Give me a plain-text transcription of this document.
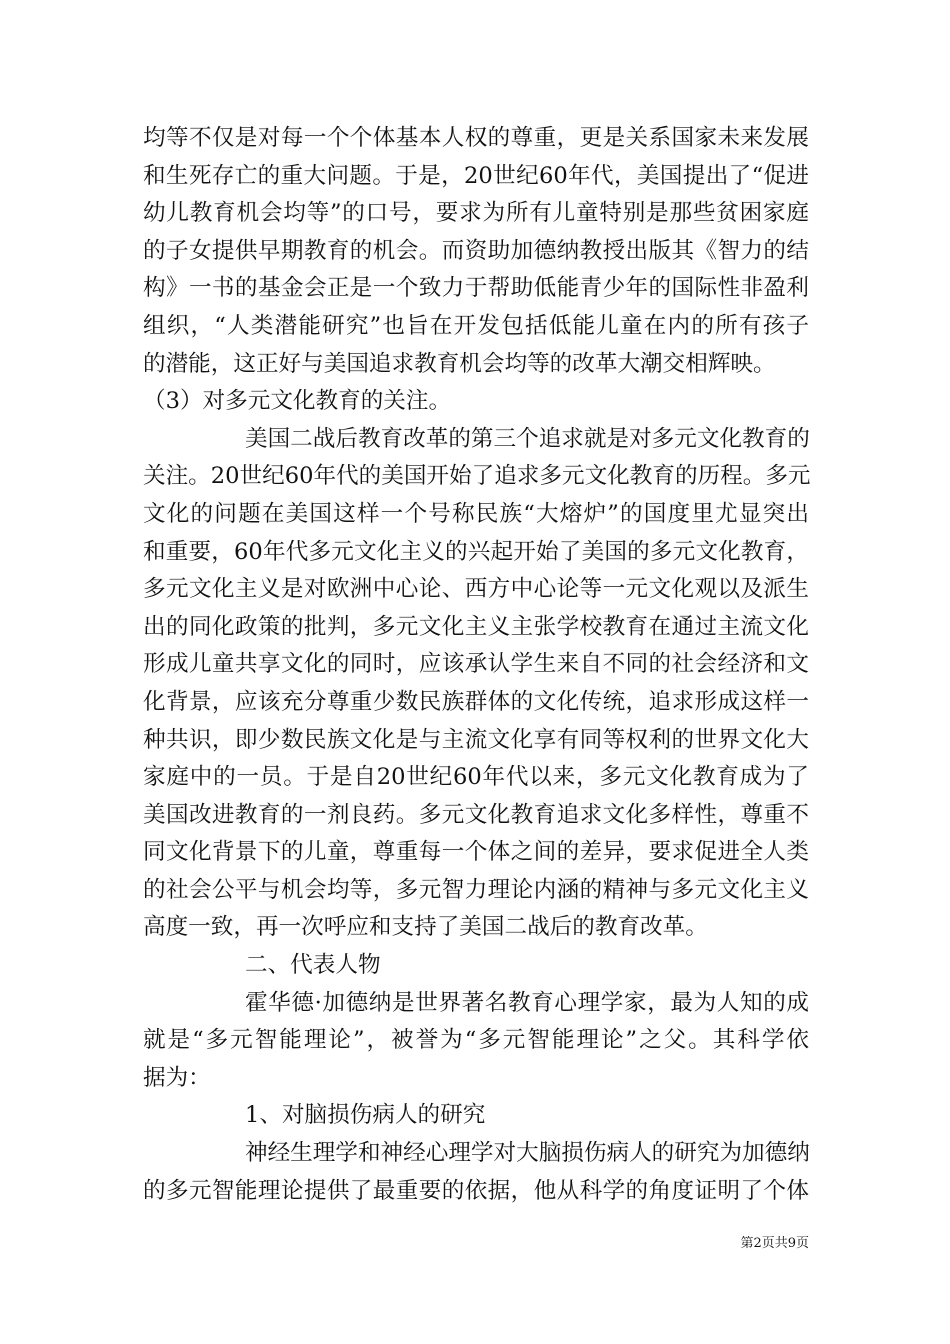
均等不仅是对每一个个体基本人权的尊重，更是关系国家未来发展
和生死存亡的重大问题。于是，20世纪60年代，美国提出了“促进
幼儿教育机会均等”的口号，要求为所有儿童特别是那些贫困家庭
的子女提供早期教育的机会。而资助加德纳教授出版其《智力的结
构》一书的基金会正是一个致力于帮助低能青少年的国际性非盈利
组织，“人类潜能研究”也旨在开发包括低能儿童在内的所有孩子
的潜能，这正好与美国追求教育机会均等的改革大潮交相辉映。
（3）对多元文化教育的关注。
美国二战后教育改革的第三个追求就是对多元文化教育的
关注。20世纪60年代的美国开始了追求多元文化教育的历程。多元
文化的问题在美国这样一个号称民族“大熔炉”的国度里尤显突出
和重要，60年代多元文化主义的兴起开始了美国的多元文化教育，
多元文化主义是对欧洲中心论、西方中心论等一元文化观以及派生
出的同化政策的批判，多元文化主义主张学校教育在通过主流文化
形成儿童共享文化的同时，应该承认学生来自不同的社会经济和文
化背景，应该充分尊重少数民族群体的文化传统，追求形成这样一
种共识，即少数民族文化是与主流文化享有同等权利的世界文化大
家庭中的一员。于是自20世纪60年代以来，多元文化教育成为了
美国改进教育的一剂良药。多元文化教育追求文化多样性，尊重不
同文化背景下的儿童，尊重每一个体之间的差异，要求促进全人类
的社会公平与机会均等，多元智力理论内涵的精神与多元文化主义
高度一致，再一次呼应和支持了美国二战后的教育改革。
二、代表人物
霍华德·加德纳是世界著名教育心理学家，最为人知的成
就是“多元智能理论”，被誉为“多元智能理论”之父。其科学依
据为：
1、对脑损伤病人的研究
神经生理学和神经心理学对大脑损伤病人的研究为加德纳
的多元智能理论提供了最重要的依据，他从科学的角度证明了个体
第2页共9页
